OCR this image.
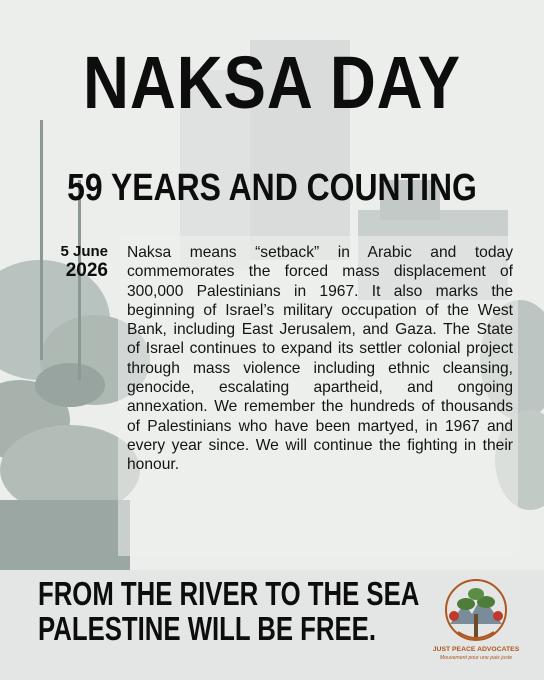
NAKSA DAY
59 YEARS AND COUNTING
5 June
2026
Naksa means “setback” in Arabic and today commemorates the forced mass displacement of 300,000 Palestinians in 1967. It also marks the beginning of Israel’s military occupation of the West Bank, including East Jerusalem, and Gaza. The State of Israel continues to expand its settler colonial project through mass violence including ethnic cleansing, genocide, escalating apartheid, and ongoing annexation. We remember the hundreds of thousands of Palestinians who have been martyed, in 1967 and every year since. We will continue the fighting in their honour.
FROM THE RIVER TO THE SEA
PALESTINE WILL BE FREE.
JUST PEACE ADVOCATES
Mouvement pour une paix juste
